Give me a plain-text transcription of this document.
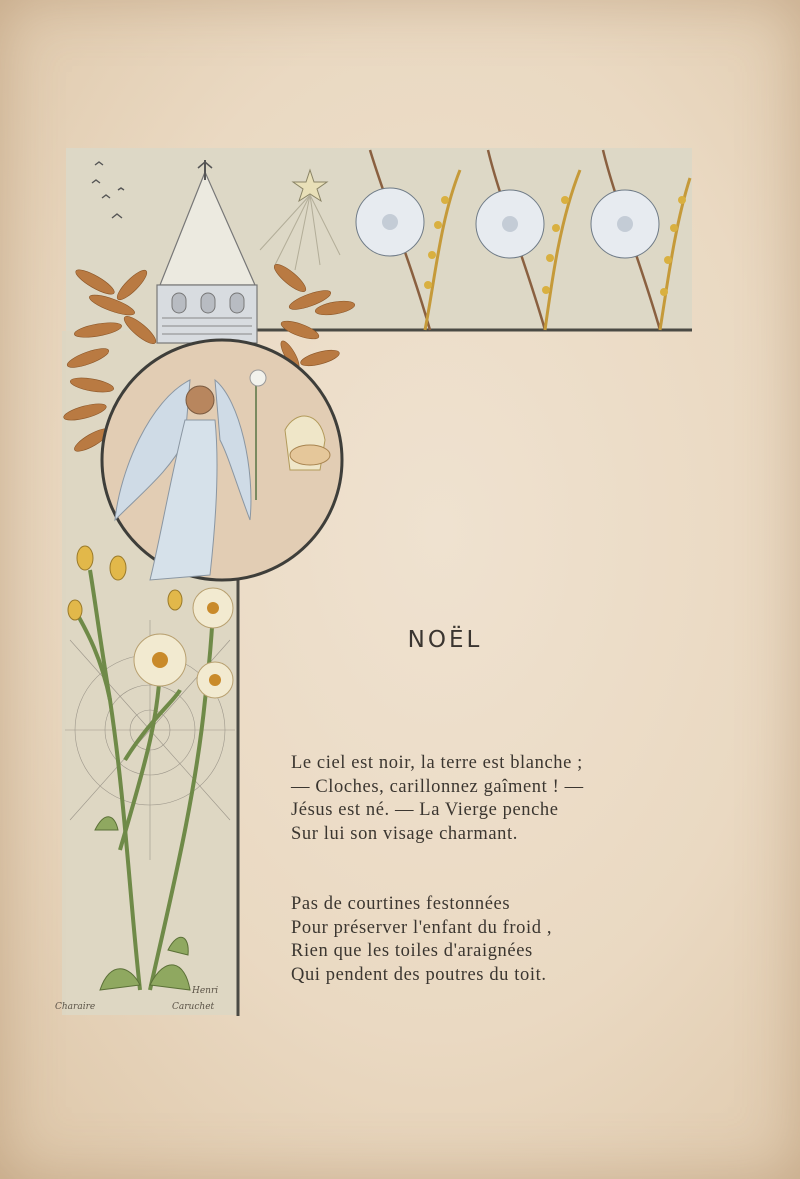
Charaire
Henri
Caruchet
NOËL
Le ciel est noir, la terre est blanche ;
— Cloches, carillonnez gaîment ! —
Jésus est né. — La Vierge penche
Sur lui son visage charmant.
Pas de courtines festonnées
Pour préserver l'enfant du froid ,
Rien que les toiles d'araignées
Qui pendent des poutres du toit.
